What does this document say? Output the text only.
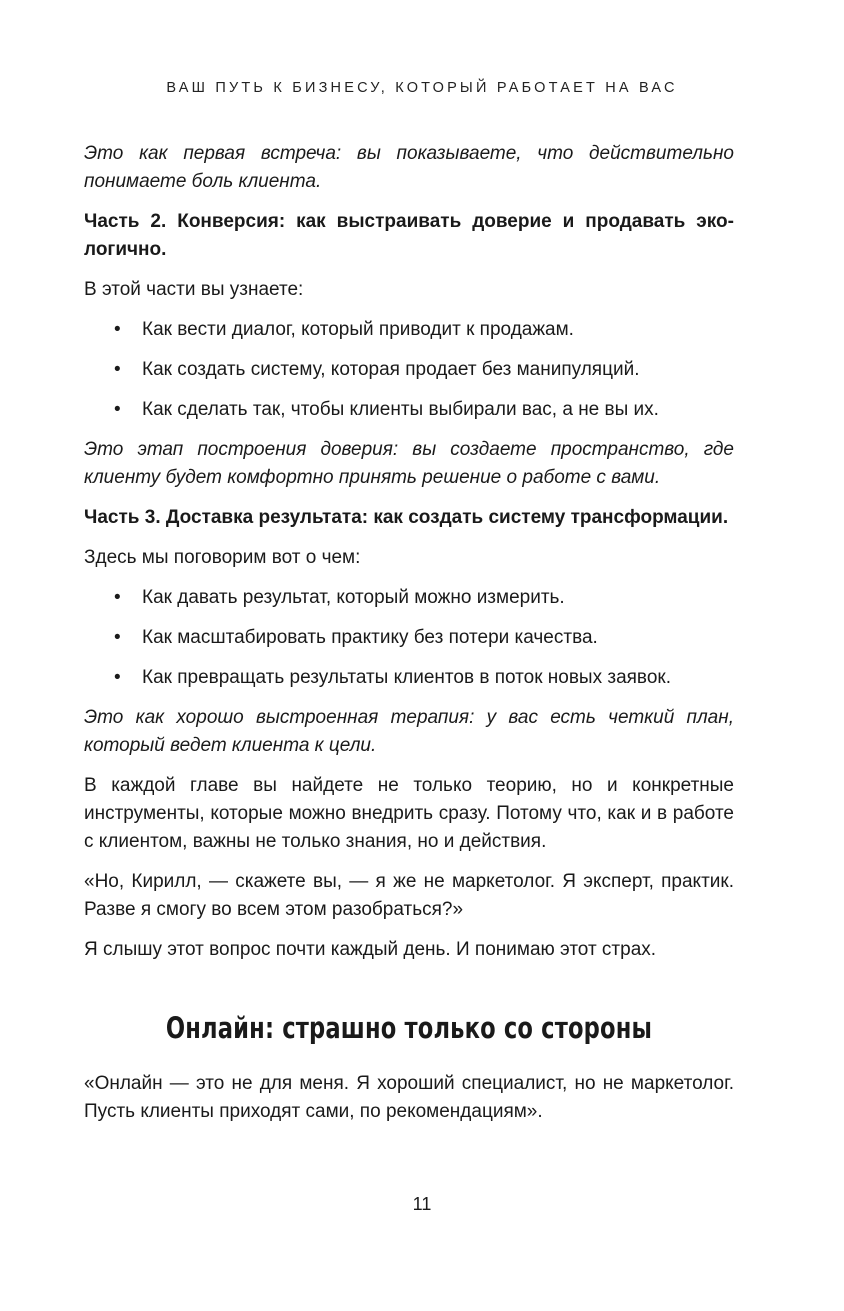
ВАШ ПУТЬ К БИЗНЕСУ, КОТОРЫЙ РАБОТАЕТ НА ВАС

Это как первая встреча: вы показываете, что действительно понимаете боль клиента.

Часть 2. Конверсия: как выстраивать доверие и продавать экологично.

В этой части вы узнаете:

• Как вести диалог, который приводит к продажам.
• Как создать систему, которая продает без манипуляций.
• Как сделать так, чтобы клиенты выбирали вас, а не вы их.

Это этап построения доверия: вы создаете пространство, где клиенту будет комфортно принять решение о работе с вами.

Часть 3. Доставка результата: как создать систему трансформации.

Здесь мы поговорим вот о чем:

• Как давать результат, который можно измерить.
• Как масштабировать практику без потери качества.
• Как превращать результаты клиентов в поток новых заявок.

Это как хорошо выстроенная терапия: у вас есть четкий план, который ведет клиента к цели.

В каждой главе вы найдете не только теорию, но и конкретные инструменты, которые можно внедрить сразу. Потому что, как и в работе с клиентом, важны не только знания, но и действия.

«Но, Кирилл, — скажете вы, — я же не маркетолог. Я эксперт, практик. Разве я смогу во всем этом разобраться?»

Я слышу этот вопрос почти каждый день. И понимаю этот страх.

Онлайн: страшно только со стороны

«Онлайн — это не для меня. Я хороший специалист, но не маркетолог. Пусть клиенты приходят сами, по рекомендациям».

11
